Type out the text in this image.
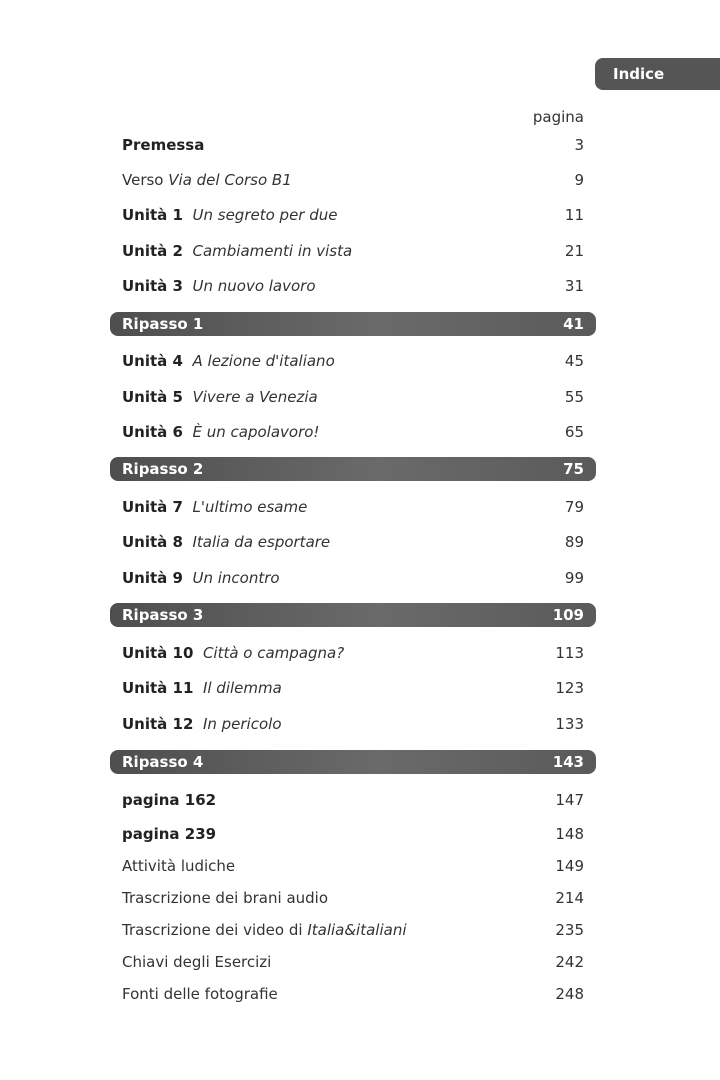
Indice
pagina
Premessa	3
Verso Via del Corso B1	9
Unità 1 Un segreto per due	11
Unità 2 Cambiamenti in vista	21
Unità 3 Un nuovo lavoro	31
Ripasso 1	41
Unità 4 A lezione d'italiano	45
Unità 5 Vivere a Venezia	55
Unità 6 È un capolavoro!	65
Ripasso 2	75
Unità 7 L'ultimo esame	79
Unità 8 Italia da esportare	89
Unità 9 Un incontro	99
Ripasso 3	109
Unità 10 Città o campagna?	113
Unità 11 Il dilemma	123
Unità 12 In pericolo	133
Ripasso 4	143
pagina 162	147
pagina 239	148
Attività ludiche	149
Trascrizione dei brani audio	214
Trascrizione dei video di Italia&italiani	235
Chiavi degli Esercizi	242
Fonti delle fotografie	248
